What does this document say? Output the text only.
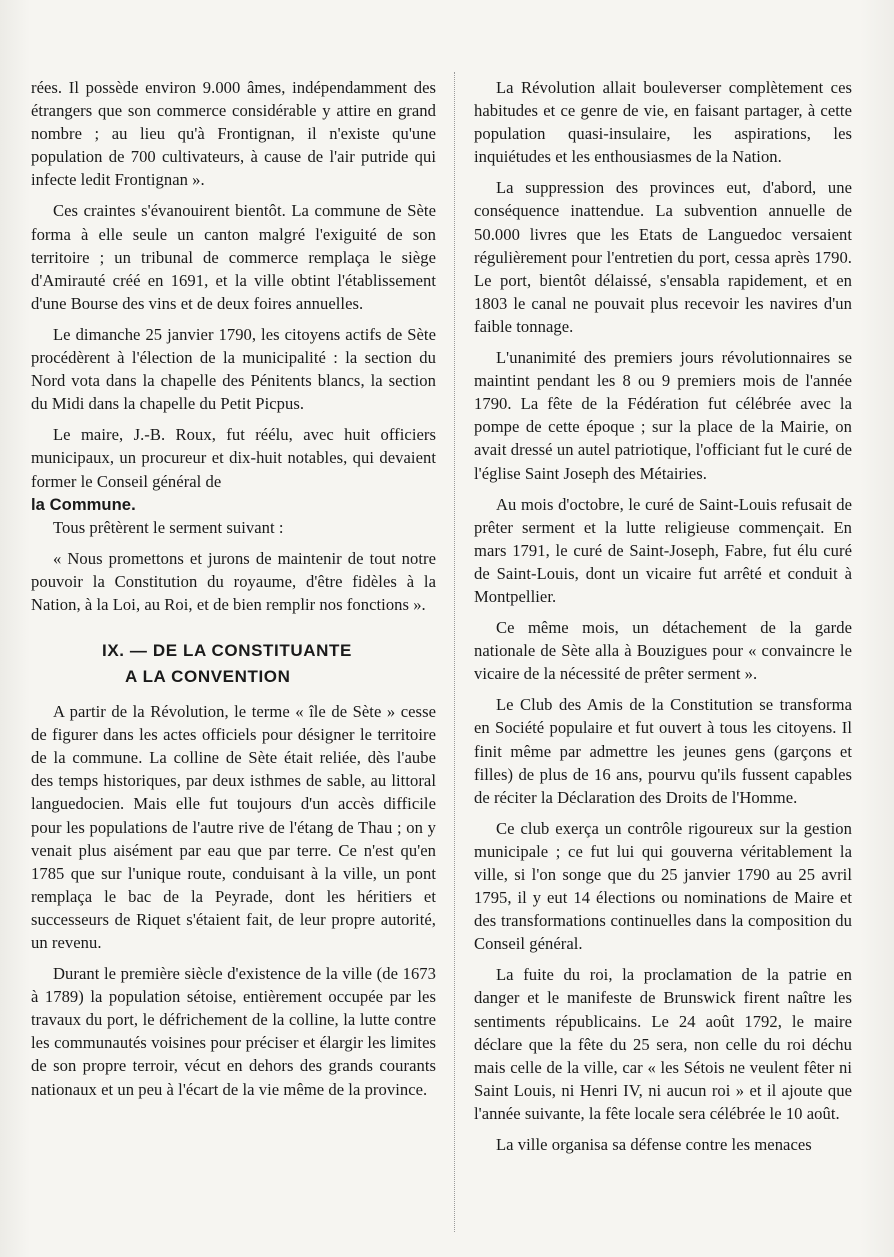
rées. Il possède environ 9.000 âmes, indépendamment des étrangers que son commerce considérable y attire en grand nombre ; au lieu qu'à Frontignan, il n'existe qu'une population de 700 cultivateurs, à cause de l'air putride qui infecte ledit Frontignan ».

Ces craintes s'évanouirent bientôt. La commune de Sète forma à elle seule un canton malgré l'exiguité de son territoire ; un tribunal de commerce remplaça le siège d'Amirauté créé en 1691, et la ville obtint l'établissement d'une Bourse des vins et de deux foires annuelles.

Le dimanche 25 janvier 1790, les citoyens actifs de Sète procédèrent à l'élection de la municipalité : la section du Nord vota dans la chapelle des Pénitents blancs, la section du Midi dans la chapelle du Petit Picpus.

Le maire, J.-B. Roux, fut réélu, avec huit officiers municipaux, un procureur et dix-huit notables, qui devaient former le Conseil général de
la Commune.

Tous prêtèrent le serment suivant :

« Nous promettons et jurons de maintenir de tout notre pouvoir la Constitution du royaume, d'être fidèles à la Nation, à la Loi, au Roi, et de bien remplir nos fonctions ».

IX. — DE LA CONSTITUANTE
A LA CONVENTION

A partir de la Révolution, le terme « île de Sète » cesse de figurer dans les actes officiels pour désigner le territoire de la commune. La colline de Sète était reliée, dès l'aube des temps historiques, par deux isthmes de sable, au littoral languedocien. Mais elle fut toujours d'un accès difficile pour les populations de l'autre rive de l'étang de Thau ; on y venait plus aisément par eau que par terre. Ce n'est qu'en 1785 que sur l'unique route, conduisant à la ville, un pont remplaça le bac de la Peyrade, dont les héritiers et successeurs de Riquet s'étaient fait, de leur propre autorité, un revenu.

Durant le première siècle d'existence de la ville (de 1673 à 1789) la population sétoise, entièrement occupée par les travaux du port, le défrichement de la colline, la lutte contre les communautés voisines pour préciser et élargir les limites de son propre terroir, vécut en dehors des grands courants nationaux et un peu à l'écart de la vie même de la province.

La Révolution allait bouleverser complètement ces habitudes et ce genre de vie, en faisant partager, à cette population quasi-insulaire, les aspirations, les inquiétudes et les enthousiasmes de la Nation.

La suppression des provinces eut, d'abord, une conséquence inattendue. La subvention annuelle de 50.000 livres que les Etats de Languedoc versaient régulièrement pour l'entretien du port, cessa après 1790. Le port, bientôt délaissé, s'ensabla rapidement, et en 1803 le canal ne pouvait plus recevoir les navires d'un faible tonnage.

L'unanimité des premiers jours révolutionnaires se maintint pendant les 8 ou 9 premiers mois de l'année 1790. La fête de la Fédération fut célébrée avec la pompe de cette époque ; sur la place de la Mairie, on avait dressé un autel patriotique, l'officiant fut le curé de l'église Saint Joseph des Métairies.

Au mois d'octobre, le curé de Saint-Louis refusait de prêter serment et la lutte religieuse commençait. En mars 1791, le curé de Saint-Joseph, Fabre, fut élu curé de Saint-Louis, dont un vicaire fut arrêté et conduit à Montpellier.

Ce même mois, un détachement de la garde nationale de Sète alla à Bouzigues pour « convaincre le vicaire de la nécessité de prêter serment ».

Le Club des Amis de la Constitution se transforma en Société populaire et fut ouvert à tous les citoyens. Il finit même par admettre les jeunes gens (garçons et filles) de plus de 16 ans, pourvu qu'ils fussent capables de réciter la Déclaration des Droits de l'Homme.

Ce club exerça un contrôle rigoureux sur la gestion municipale ; ce fut lui qui gouverna véritablement la ville, si l'on songe que du 25 janvier 1790 au 25 avril 1795, il y eut 14 élections ou nominations de Maire et des transformations continuelles dans la composition du Conseil général.

La fuite du roi, la proclamation de la patrie en danger et le manifeste de Brunswick firent naître les sentiments républicains. Le 24 août 1792, le maire déclare que la fête du 25 sera, non celle du roi déchu mais celle de la ville, car « les Sétois ne veulent fêter ni Saint Louis, ni Henri IV, ni aucun roi » et il ajoute que l'année suivante, la fête locale sera célébrée le 10 août.

La ville organisa sa défense contre les menaces
